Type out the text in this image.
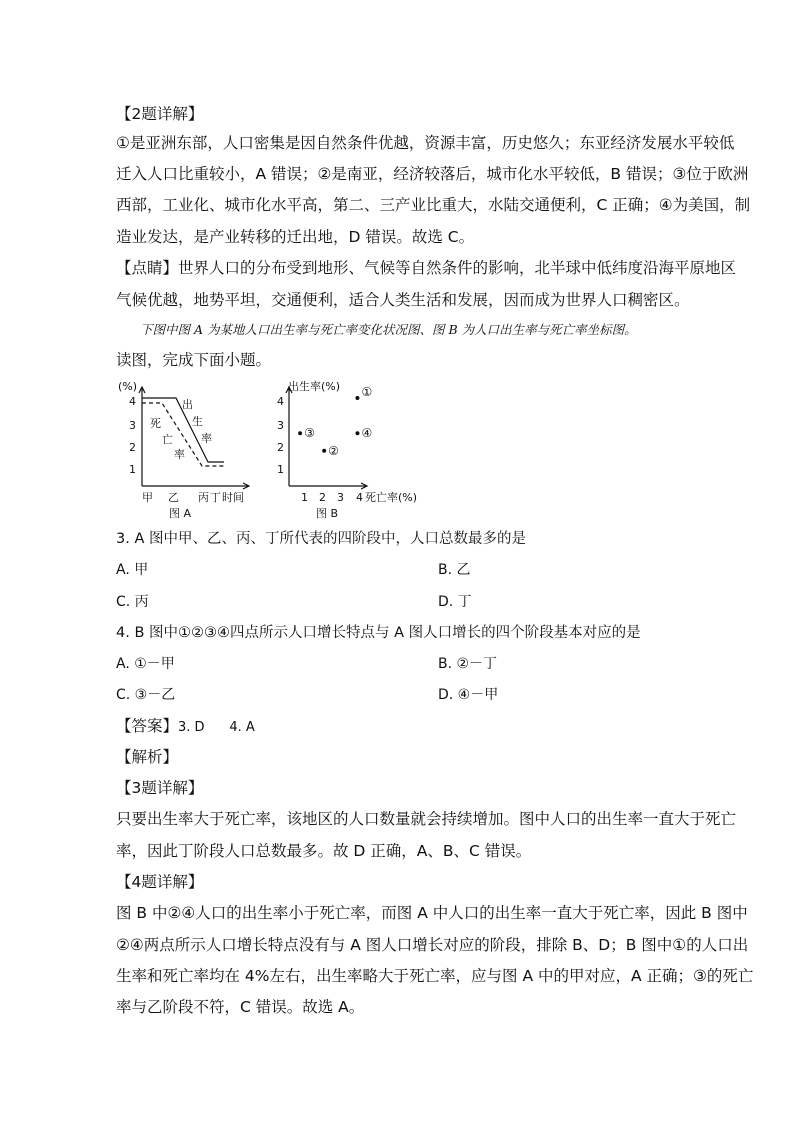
【2题详解】
①是亚洲东部，人口密集是因自然条件优越，资源丰富，历史悠久；东亚经济发展水平较低
迁入人口比重较小，A 错误；②是南亚，经济较落后，城市化水平较低，B 错误；③位于欧洲
西部，工业化、城市化水平高，第二、三产业比重大，水陆交通便利，C 正确；④为美国，制
造业发达，是产业转移的迁出地，D 错误。故选 C。
【点睛】世界人口的分布受到地形、气候等自然条件的影响，北半球中低纬度沿海平原地区
气候优越，地势平坦，交通便利，适合人类生活和发展，因而成为世界人口稠密区。
下图中图 A 为某地人口出生率与死亡率变化状况图、图 B 为人口出生率与死亡率坐标图。
读图，完成下面小题。
(%)
4
3
2
1
甲 乙 丙 丁 时间
出
生
率
死
亡
率
图 A
①
②
③	④
出生率(%)
4
3
2
1
1 2 3 4 死亡率(%)
图 B
3. A 图中甲、乙、丙、丁所代表的四阶段中，人口总数最多的是
A. 甲	B. 乙
C. 丙	D. 丁
4. B 图中①②③④四点所示人口增长特点与 A 图人口增长的四个阶段基本对应的是
A. ①－甲	B. ②－丁
C. ③－乙	D. ④－甲
【答案】3. D      4. A
【解析】
【3题详解】
只要出生率大于死亡率，该地区的人口数量就会持续增加。图中人口的出生率一直大于死亡
率，因此丁阶段人口总数最多。故 D 正确，A、B、C 错误。
【4题详解】
图 B 中②④人口的出生率小于死亡率，而图 A 中人口的出生率一直大于死亡率，因此 B 图中
②④两点所示人口增长特点没有与 A 图人口增长对应的阶段，排除 B、D；B 图中①的人口出
生率和死亡率均在 4%左右，出生率略大于死亡率，应与图 A 中的甲对应，A 正确；③的死亡
率与乙阶段不符，C 错误。故选 A。
